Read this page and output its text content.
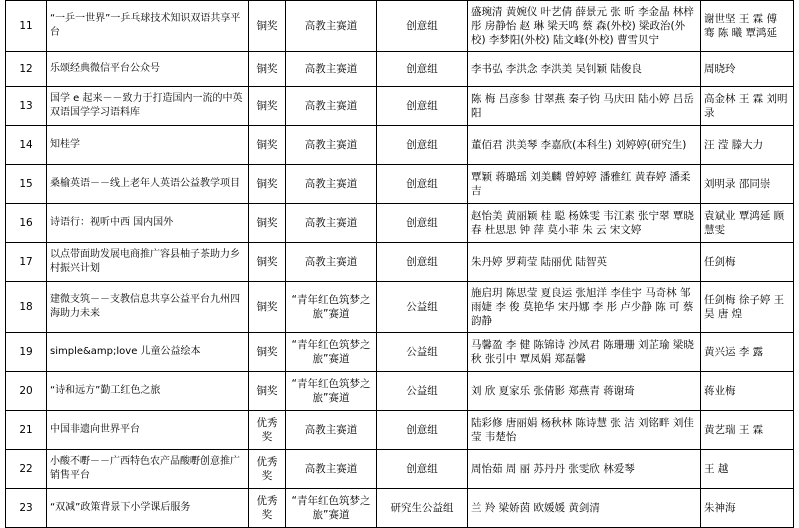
11	“一乒一世界”一乒乓球技术知识双语共享平台	铜奖	高教主赛道	创意组	盛琬清 黄婉仪 叶艺倩 薛景元 张 昕 李金晶 林梓彤 房静怡 赵 琳 梁天鸣 蔡 森(外校) 梁政治(外校) 李梦阳(外校) 陆文峰(外校) 曹雪贝宁	谢世坚 王 霖 傅 骞 陈 曦 覃鸿延
12	乐颂经典微信平台公众号	铜奖	高教主赛道	创意组	李书弘 李洪念 李洪美 吴钊颖 陆俊良	周晓玲
13	国学 e 起来－－致力于打造国内一流的中英双语国学学习语料库	铜奖	高教主赛道	创意组	陈 梅 吕彦参 甘翠燕 秦子钧 马庆田 陆小婷 吕岳阳	高金林 王 霖 刘明录
14	知桂学	铜奖	高教主赛道	创意组	董佰君 洪美琴 李嘉欣(本科生) 刘婷婷(研究生)	汪 滢 滕大力
15	桑榆英语－－线上老年人英语公益教学项目	铜奖	高教主赛道	创意组	覃颖 蒋璐瑶 刘美麟 曾婷婷 潘雅红 黄春婷 潘柔吉	刘明录 邵同崇
16	诗语行：视听中西 国内国外	铜奖	高教主赛道	创意组	赵怡美 黄丽颖 桂 聪 杨姝雯 韦江素 张宁翠 覃晓春 杜思思 钟 萍 莫小菲 朱 云 宋文婷	袁斌业 覃鸿延 顾慧雯
17	以点带面助发展电商推广容县柚子茶助力乡村振兴计划	铜奖	高教主赛道	创意组	朱丹婷 罗莉莹 陆丽优 陆智英	任剑梅
18	建微支筑－－支教信息共享公益平台九州四海助力未来	铜奖	“青年红色筑梦之旅”赛道	公益组	施启玥 陈思莹 夏良运 张旭洋 李佳宇 马奇林 邹雨婕 李 俊 莫艳华 宋丹娜 李 彤 卢少静 陈 可 蔡韵静	任剑梅 徐子婷 王 昊 唐 煌
19	simple&amp;love 儿童公益绘本	铜奖	“青年红色筑梦之旅”赛道	公益组	马馨盈 李 健 陈锦诗 沙凤君 陈珊珊 刘芷瑜 梁晓秋 张引中 覃凤娟 郑磊馨	黄兴运 李 露
20	“诗和远方”勤工红色之旅	铜奖	“青年红色筑梦之旅”赛道	公益组	刘 欣 夏家乐 张倩影 郑燕青 蒋谢琦	蒋业梅
21	中国非遗向世界平台	优秀奖	高教主赛道	创意组	陆彩修 唐丽娟 杨秋林 陈诗慧 张 洁 刘铭畔 刘佳莹 韦楚怡	黄艺瑞 王 霖
22	小酸不嘢－－广西特色农产品酸嘢创意推广销售平台	优秀奖	高教主赛道	创意组	周怡茹 周 丽 苏丹丹 张雯欣 林爱琴	王 越
23	“双减”政策背景下小学课后服务	优秀奖	“青年红色筑梦之旅”赛道	研究生公益组	兰 羚 梁娇茵 欧媛媛 黄剑清	朱神海
